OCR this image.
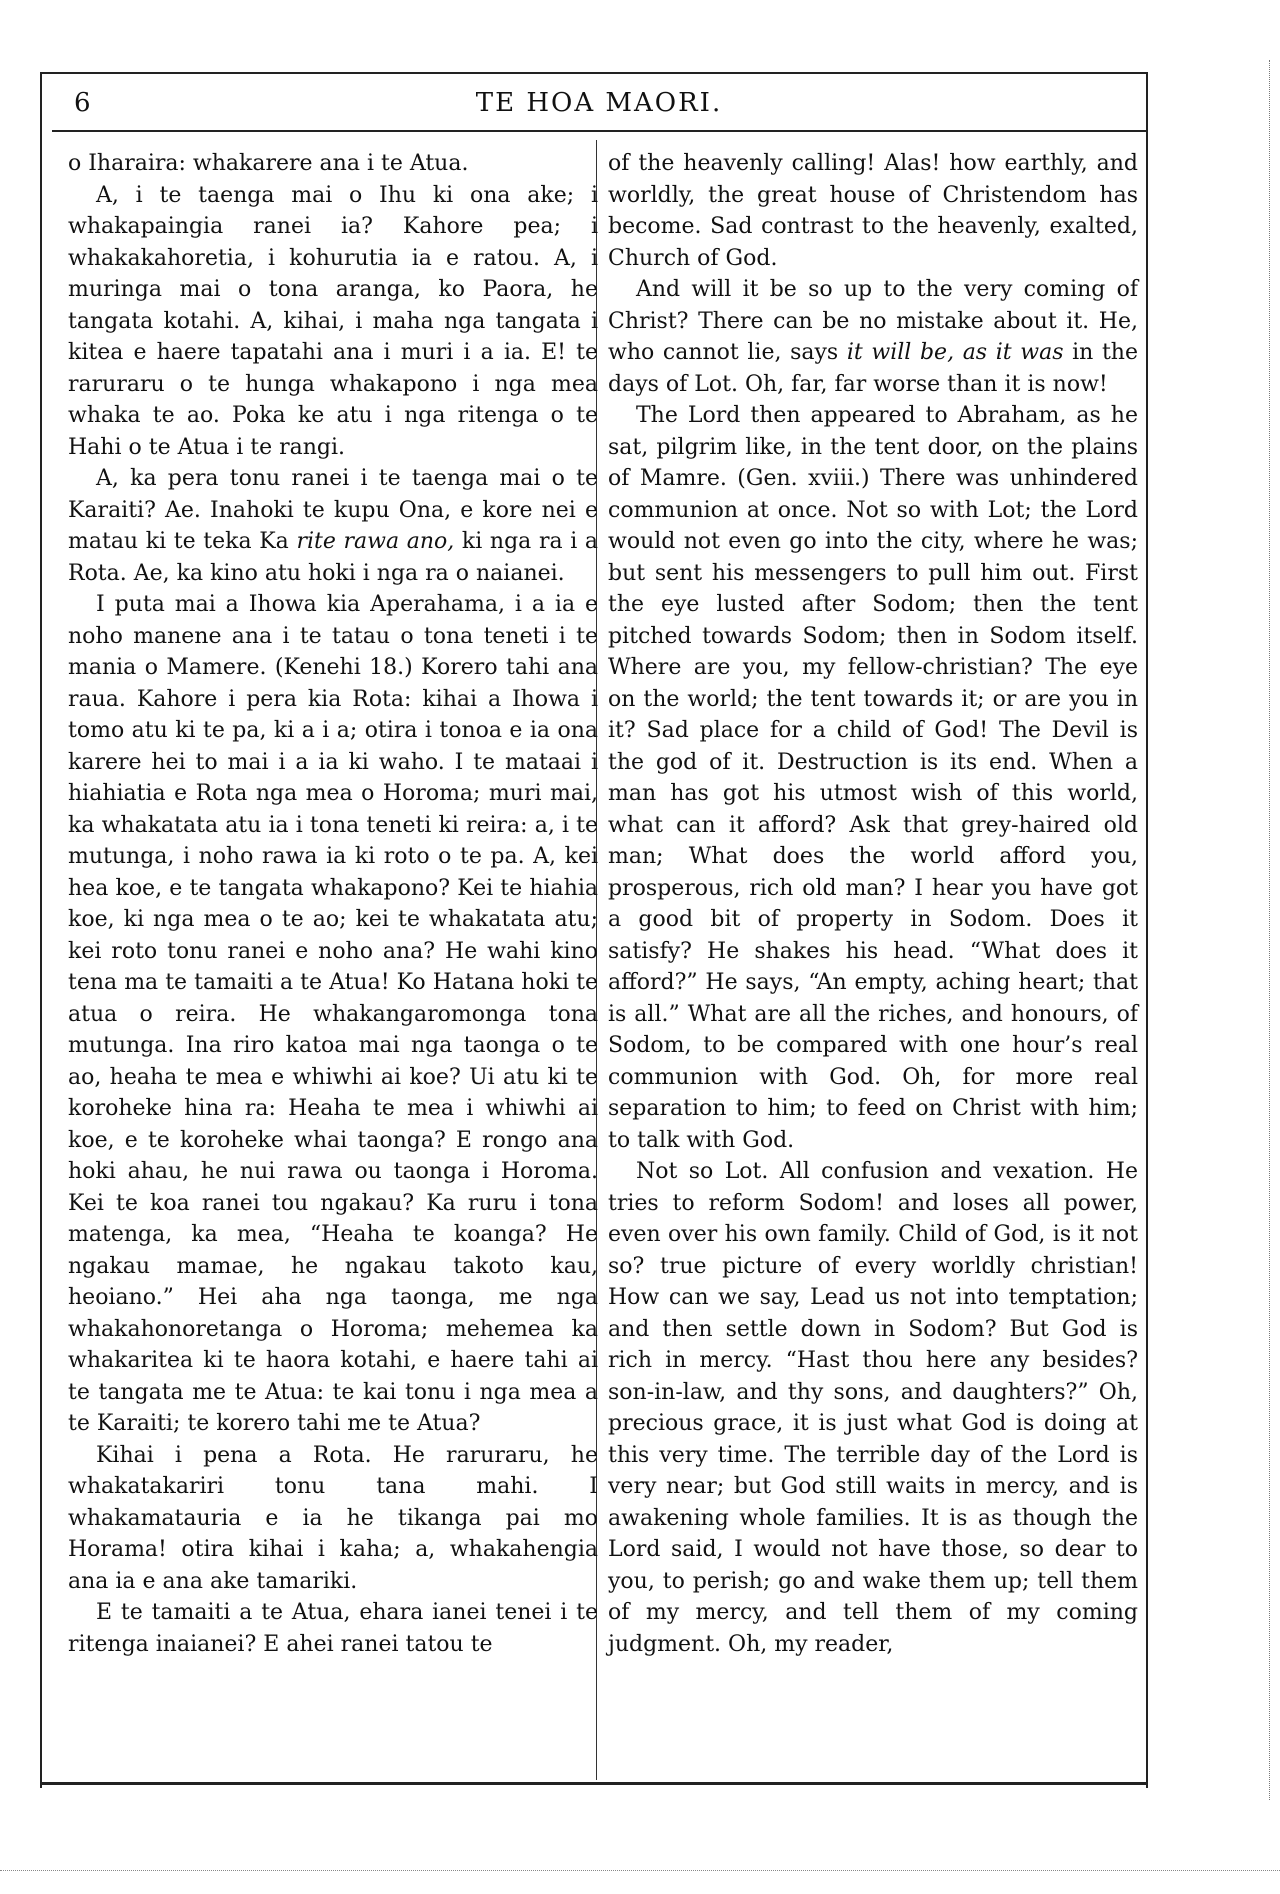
6	TE HOA MAORI.

o Iharaira: whakarere ana i te Atua.

A, i te taenga mai o Ihu ki ona ake; i whakapaingia ranei ia? Kahore pea; i whakakahoretia, i kohurutia ia e ratou. A, i muringa mai o tona aranga, ko Paora, he tangata kotahi. A, kihai, i maha nga tangata i kitea e haere tapatahi ana i muri i a ia. E! te raruraru o te hunga whakapono i nga mea whaka te ao. Poka ke atu i nga ritenga o te Hahi o te Atua i te rangi.

A, ka pera tonu ranei i te taenga mai o te Karaiti? Ae. Inahoki te kupu Ona, e kore nei e matau ki te teka Ka rite rawa ano, ki nga ra i a Rota. Ae, ka kino atu hoki i nga ra o naianei.

I puta mai a Ihowa kia Aperahama, i a ia e noho manene ana i te tatau o tona teneti i te mania o Mamere. (Kenehi 18.) Korero tahi ana raua. Kahore i pera kia Rota: kihai a Ihowa i tomo atu ki te pa, ki a i a; otira i tonoa e ia ona karere hei to mai i a ia ki waho. I te mataai i hiahiatia e Rota nga mea o Horoma; muri mai, ka whakatata atu ia i tona teneti ki reira: a, i te mutunga, i noho rawa ia ki roto o te pa. A, kei hea koe, e te tangata whakapono? Kei te hiahia koe, ki nga mea o te ao; kei te whakatata atu; kei roto tonu ranei e noho ana? He wahi kino tena ma te tamaiti a te Atua! Ko Hatana hoki te atua o reira. He whakangaromonga tona mutunga. Ina riro katoa mai nga taonga o te ao, heaha te mea e whiwhi ai koe? Ui atu ki te koroheke hina ra: Heaha te mea i whiwhi ai koe, e te koroheke whai taonga? E rongo ana hoki ahau, he nui rawa ou taonga i Horoma. Kei te koa ranei tou ngakau? Ka ruru i tona matenga, ka mea, “Heaha te koanga? He ngakau mamae, he ngakau takoto kau, heoiano.” Hei aha nga taonga, me nga whakahonoretanga o Horoma; mehemea ka whakaritea ki te haora kotahi, e haere tahi ai te tangata me te Atua: te kai tonu i nga mea a te Karaiti; te korero tahi me te Atua?

Kihai i pena a Rota. He raruraru, he whakatakariri tonu tana mahi. I whakamatauria e ia he tikanga pai mo Horama! otira kihai i kaha; a, whakahengia ana ia e ana ake tamariki.

E te tamaiti a te Atua, ehara ianei tenei i te ritenga inaianei? E ahei ranei tatou te

of the heavenly calling! Alas! how earthly, and worldly, the great house of Christendom has become. Sad contrast to the heavenly, exalted, Church of God.

And will it be so up to the very coming of Christ? There can be no mistake about it. He, who cannot lie, says it will be, as it was in the days of Lot. Oh, far, far worse than it is now!

The Lord then appeared to Abraham, as he sat, pilgrim like, in the tent door, on the plains of Mamre. (Gen. xviii.) There was unhindered communion at once. Not so with Lot; the Lord would not even go into the city, where he was; but sent his messengers to pull him out. First the eye lusted after Sodom; then the tent pitched towards Sodom; then in Sodom itself. Where are you, my fellow-christian? The eye on the world; the tent towards it; or are you in it? Sad place for a child of God! The Devil is the god of it. Destruction is its end. When a man has got his utmost wish of this world, what can it afford? Ask that grey-haired old man; What does the world afford you, prosperous, rich old man? I hear you have got a good bit of property in Sodom. Does it satisfy? He shakes his head. “What does it afford?” He says, “An empty, aching heart; that is all.” What are all the riches, and honours, of Sodom, to be compared with one hour’s real communion with God. Oh, for more real separation to him; to feed on Christ with him; to talk with God.

Not so Lot. All confusion and vexation. He tries to reform Sodom! and loses all power, even over his own family. Child of God, is it not so? true picture of every worldly christian! How can we say, Lead us not into temptation; and then settle down in Sodom? But God is rich in mercy. “Hast thou here any besides? son-in-law, and thy sons, and daughters?” Oh, precious grace, it is just what God is doing at this very time. The terrible day of the Lord is very near; but God still waits in mercy, and is awakening whole families. It is as though the Lord said, I would not have those, so dear to you, to perish; go and wake them up; tell them of my mercy, and tell them of my coming judgment. Oh, my reader,
